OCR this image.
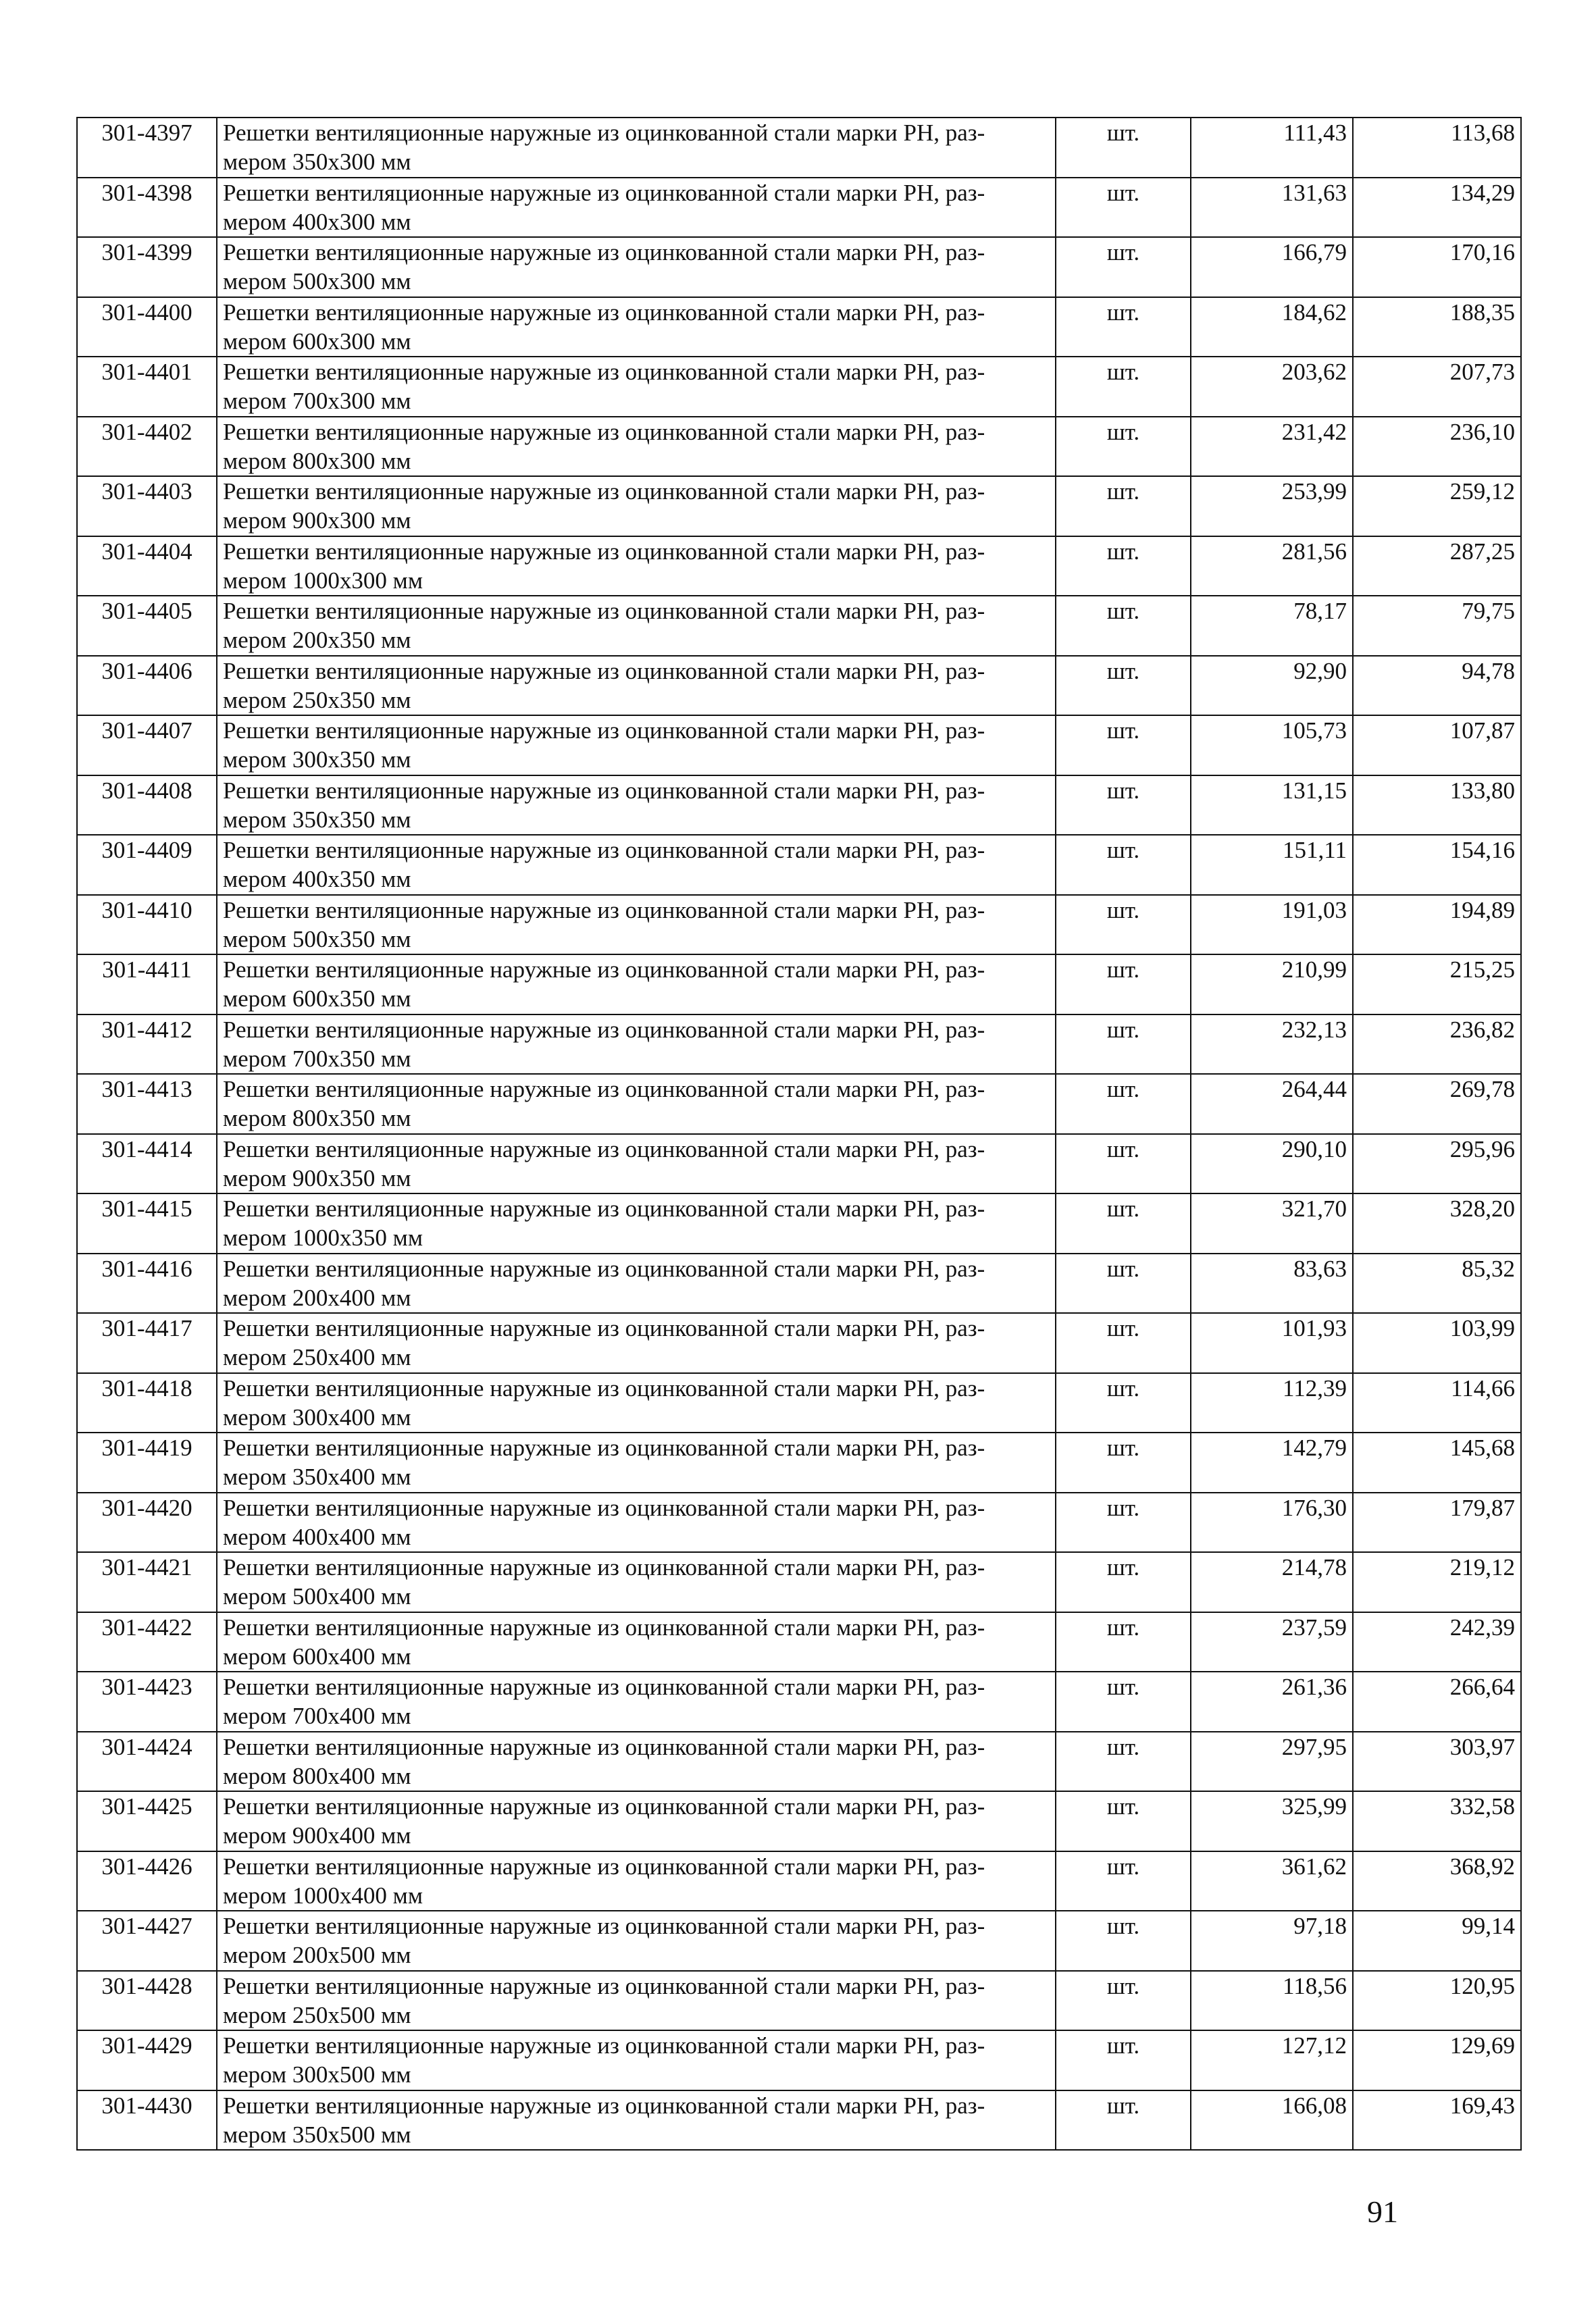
301-4397	Решетки вентиляционные наружные из оцинкованной стали марки РН, раз-
мером 350x300 мм	шт.	111,43	113,68
301-4398	Решетки вентиляционные наружные из оцинкованной стали марки РН, раз-
мером 400x300 мм	шт.	131,63	134,29
301-4399	Решетки вентиляционные наружные из оцинкованной стали марки РН, раз-
мером 500x300 мм	шт.	166,79	170,16
301-4400	Решетки вентиляционные наружные из оцинкованной стали марки РН, раз-
мером 600x300 мм	шт.	184,62	188,35
301-4401	Решетки вентиляционные наружные из оцинкованной стали марки РН, раз-
мером 700x300 мм	шт.	203,62	207,73
301-4402	Решетки вентиляционные наружные из оцинкованной стали марки РН, раз-
мером 800x300 мм	шт.	231,42	236,10
301-4403	Решетки вентиляционные наружные из оцинкованной стали марки РН, раз-
мером 900x300 мм	шт.	253,99	259,12
301-4404	Решетки вентиляционные наружные из оцинкованной стали марки РН, раз-
мером 1000x300 мм	шт.	281,56	287,25
301-4405	Решетки вентиляционные наружные из оцинкованной стали марки РН, раз-
мером 200x350 мм	шт.	78,17	79,75
301-4406	Решетки вентиляционные наружные из оцинкованной стали марки РН, раз-
мером 250x350 мм	шт.	92,90	94,78
301-4407	Решетки вентиляционные наружные из оцинкованной стали марки РН, раз-
мером 300x350 мм	шт.	105,73	107,87
301-4408	Решетки вентиляционные наружные из оцинкованной стали марки РН, раз-
мером 350x350 мм	шт.	131,15	133,80
301-4409	Решетки вентиляционные наружные из оцинкованной стали марки РН, раз-
мером 400x350 мм	шт.	151,11	154,16
301-4410	Решетки вентиляционные наружные из оцинкованной стали марки РН, раз-
мером 500x350 мм	шт.	191,03	194,89
301-4411	Решетки вентиляционные наружные из оцинкованной стали марки РН, раз-
мером 600x350 мм	шт.	210,99	215,25
301-4412	Решетки вентиляционные наружные из оцинкованной стали марки РН, раз-
мером 700x350 мм	шт.	232,13	236,82
301-4413	Решетки вентиляционные наружные из оцинкованной стали марки РН, раз-
мером 800x350 мм	шт.	264,44	269,78
301-4414	Решетки вентиляционные наружные из оцинкованной стали марки РН, раз-
мером 900x350 мм	шт.	290,10	295,96
301-4415	Решетки вентиляционные наружные из оцинкованной стали марки РН, раз-
мером 1000x350 мм	шт.	321,70	328,20
301-4416	Решетки вентиляционные наружные из оцинкованной стали марки РН, раз-
мером 200x400 мм	шт.	83,63	85,32
301-4417	Решетки вентиляционные наружные из оцинкованной стали марки РН, раз-
мером 250x400 мм	шт.	101,93	103,99
301-4418	Решетки вентиляционные наружные из оцинкованной стали марки РН, раз-
мером 300x400 мм	шт.	112,39	114,66
301-4419	Решетки вентиляционные наружные из оцинкованной стали марки РН, раз-
мером 350x400 мм	шт.	142,79	145,68
301-4420	Решетки вентиляционные наружные из оцинкованной стали марки РН, раз-
мером 400x400 мм	шт.	176,30	179,87
301-4421	Решетки вентиляционные наружные из оцинкованной стали марки РН, раз-
мером 500x400 мм	шт.	214,78	219,12
301-4422	Решетки вентиляционные наружные из оцинкованной стали марки РН, раз-
мером 600x400 мм	шт.	237,59	242,39
301-4423	Решетки вентиляционные наружные из оцинкованной стали марки РН, раз-
мером 700x400 мм	шт.	261,36	266,64
301-4424	Решетки вентиляционные наружные из оцинкованной стали марки РН, раз-
мером 800x400 мм	шт.	297,95	303,97
301-4425	Решетки вентиляционные наружные из оцинкованной стали марки РН, раз-
мером 900x400 мм	шт.	325,99	332,58
301-4426	Решетки вентиляционные наружные из оцинкованной стали марки РН, раз-
мером 1000x400 мм	шт.	361,62	368,92
301-4427	Решетки вентиляционные наружные из оцинкованной стали марки РН, раз-
мером 200x500 мм	шт.	97,18	99,14
301-4428	Решетки вентиляционные наружные из оцинкованной стали марки РН, раз-
мером 250x500 мм	шт.	118,56	120,95
301-4429	Решетки вентиляционные наружные из оцинкованной стали марки РН, раз-
мером 300x500 мм	шт.	127,12	129,69
301-4430	Решетки вентиляционные наружные из оцинкованной стали марки РН, раз-
мером 350x500 мм	шт.	166,08	169,43
91
